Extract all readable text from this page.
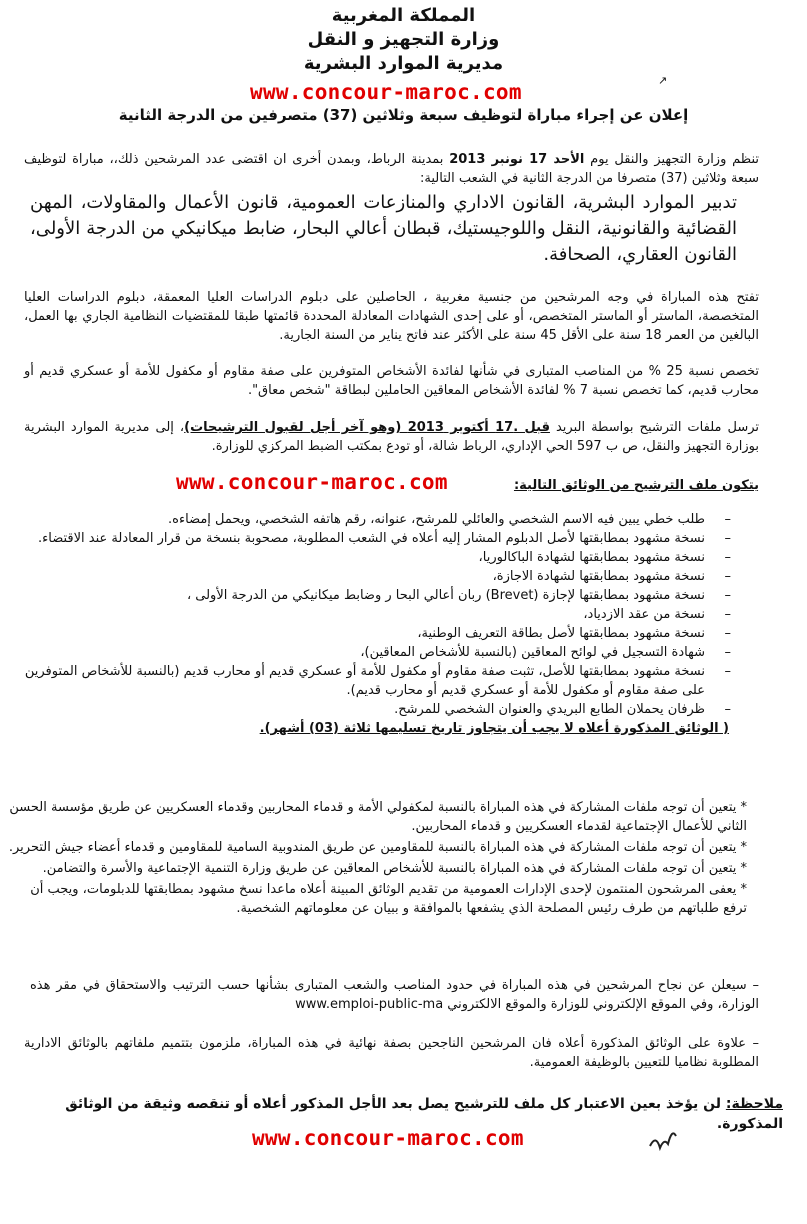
المملكة المغربية
وزارة التجهيز و النقل
مديرية الموارد البشرية
↗
www.concour-maroc.com
إعلان عن إجراء مباراة لتوظيف سبعة وثلاثين (37) متصرفين من الدرجة الثانية
تنظم وزارة التجهيز والنقل يوم الأحد 17 نونبر 2013 بمدينة الرباط، وبمدن أخرى ان اقتضى عدد المرشحين ذلك،، مباراة لتوظيف سبعة وثلاثين (37) متصرفا من الدرجة الثانية في الشعب التالية:
تدبير الموارد البشرية، القانون الاداري والمنازعات العمومية، قانون الأعمال والمقاولات، المهن القضائية والقانونية، النقل واللوجيستيك، قبطان أعالي البحار، ضابط ميكانيكي من الدرجة الأولى، القانون العقاري، الصحافة.
تفتح هذه المباراة في وجه المرشحين من جنسية مغربية ، الحاصلين على دبلوم الدراسات العليا المعمقة، دبلوم الدراسات العليا المتخصصة، الماستر أو الماستر المتخصص، أو على إحدى الشهادات المعادلة المحددة قائمتها طبقا للمقتضيات النظامية الجاري بها العمل، البالغين من العمر 18 سنة على الأقل 45 سنة على الأكثر عند فاتح يناير من السنة الجارية.
تخصص نسبة 25 % من المناصب المتبارى في شأنها لفائدة الأشخاص المتوفرين على صفة مقاوم أو مكفول للأمة أو عسكري قديم أو محارب قديم، كما تخصص نسبة 7 % لفائدة الأشخاص المعاقين الحاملين لبطاقة "شخص معاق".
ترسل ملفات الترشيح بواسطة البريد قبل .17 أكتوبر 2013 (وهو آخر أجل لقبول الترشيحات)، إلى مديرية الموارد البشرية بوزارة التجهيز والنقل، ص ب 597 الحي الإداري، الرباط شالة، أو تودع بمكتب الضبط المركزي للوزارة.
يتكون ملف الترشيح من الوثائق التالية:
www.concour-maroc.com
–
طلب خطي يبين فيه الاسم الشخصي والعائلي للمرشح، عنوانه، رقم هاتفه الشخصي، ويحمل إمضاءه.
–
نسخة مشهود بمطابقتها لأصل الدبلوم المشار إليه أعلاه في الشعب المطلوبة، مصحوبة بنسخة من قرار المعادلة عند الاقتضاء.
–
نسخة مشهود بمطابقتها لشهادة الباكالوريا،
–
نسخة مشهود بمطابقتها لشهادة الاجازة،
–
نسخة مشهود بمطابقتها لإجازة (Brevet) ربان أعالي البحا ر وضابط ميكانيكي من الدرجة الأولى ،
–
نسخة من عقد الازدياد،
–
نسخة مشهود بمطابقتها لأصل بطاقة التعريف الوطنية،
–
شهادة التسجيل في لوائح المعاقين (بالنسبة للأشخاص المعاقين)،
–
نسخة مشهود بمطابقتها للأصل، تثبت صفة مقاوم أو مكفول للأمة أو عسكري قديم أو محارب قديم (بالنسبة للأشخاص المتوفرين على صفة مقاوم أو مكفول للأمة أو عسكري قديم أو محارب قديم).
–
ظرفان يحملان الطابع البريدي والعنوان الشخصي للمرشح.
( الوثائق المذكورة أعلاه لا يجب أن يتجاوز تاريخ تسليمها ثلاثة (03) أشهر).
* يتعين أن توجه ملفات المشاركة في هذه المباراة بالنسبة لمكفولي الأمة و قدماء المحاربين وقدماء العسكريين عن طريق مؤسسة الحسن الثاني للأعمال الإجتماعية لقدماء العسكريين و قدماء المحاربين.
* يتعين أن توجه ملفات المشاركة في هذه المباراة بالنسبة للمقاومين عن طريق المندوبية السامية للمقاومين و قدماء أعضاء جيش التحرير.
* يتعين أن توجه ملفات المشاركة في هذه المباراة بالنسبة للأشخاص المعاقين عن طريق وزارة التنمية الإجتماعية والأسرة والتضامن.
* يعفى المرشحون المنتمون لإحدى الإدارات العمومية من تقديم الوثائق المبينة أعلاه ماعدا نسخ مشهود بمطابقتها للدبلومات، ويجب أن ترفع طلباتهم من طرف رئيس المصلحة الذي يشفعها بالموافقة و ببيان عن معلوماتهم الشخصية.
– سيعلن عن نجاح المرشحين في هذه المباراة في حدود المناصب والشعب المتبارى بشأنها حسب الترتيب والاستحقاق في مقر هذه الوزارة، وفي الموقع الإلكتروني للوزارة والموقع الالكتروني www.emploi-public-ma
– علاوة على الوثائق المذكورة أعلاه فان المرشحين الناجحين بصفة نهائية في هذه المباراة، ملزمون بتتميم ملفاتهم بالوثائق الادارية المطلوبة نظاميا للتعيين بالوظيفة العمومية.
ملاحظة: لن يؤخذ بعين الاعتبار كل ملف للترشيح يصل بعد الأجل المذكور أعلاه أو تنقصه وثيقة من الوثائق المذكورة.
www.concour-maroc.com
